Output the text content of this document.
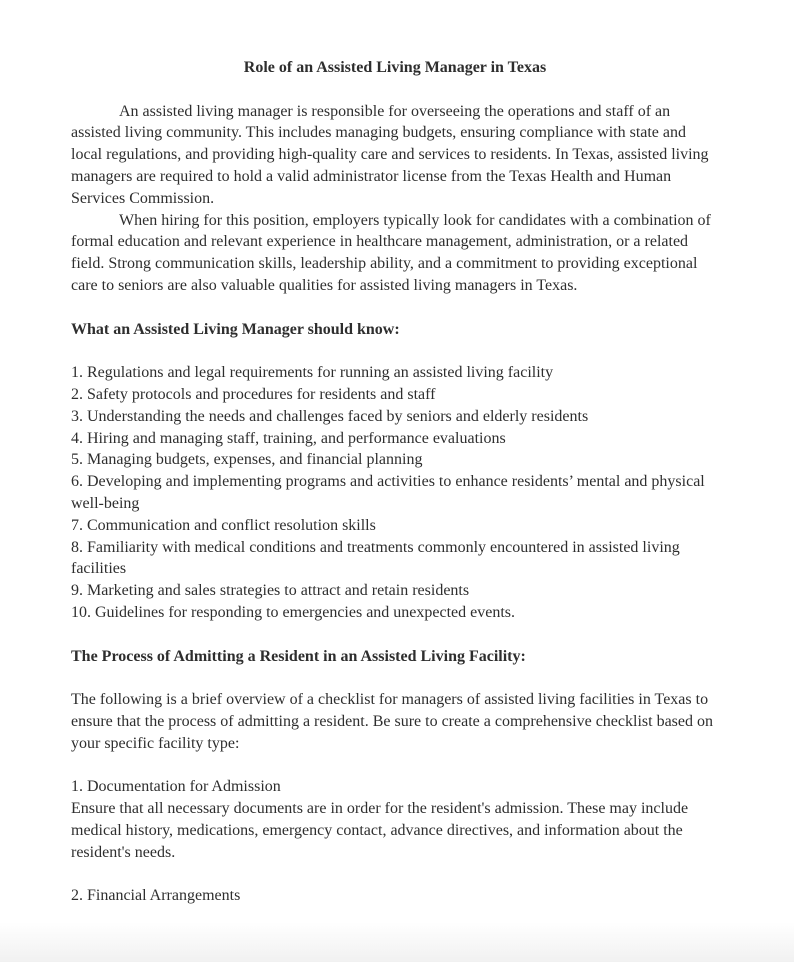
Role of an Assisted Living Manager in Texas

An assisted living manager is responsible for overseeing the operations and staff of an assisted living community. This includes managing budgets, ensuring compliance with state and local regulations, and providing high-quality care and services to residents. In Texas, assisted living managers are required to hold a valid administrator license from the Texas Health and Human Services Commission.

When hiring for this position, employers typically look for candidates with a combination of formal education and relevant experience in healthcare management, administration, or a related field. Strong communication skills, leadership ability, and a commitment to providing exceptional care to seniors are also valuable qualities for assisted living managers in Texas.

What an Assisted Living Manager should know:
1. Regulations and legal requirements for running an assisted living facility
2. Safety protocols and procedures for residents and staff
3. Understanding the needs and challenges faced by seniors and elderly residents
4. Hiring and managing staff, training, and performance evaluations
5. Managing budgets, expenses, and financial planning
6. Developing and implementing programs and activities to enhance residents’ mental and physical well-being
7. Communication and conflict resolution skills
8. Familiarity with medical conditions and treatments commonly encountered in assisted living facilities
9. Marketing and sales strategies to attract and retain residents
10. Guidelines for responding to emergencies and unexpected events.
The Process of Admitting a Resident in an Assisted Living Facility:

The following is a brief overview of a checklist for managers of assisted living facilities in Texas to ensure that the process of admitting a resident. Be sure to create a comprehensive checklist based on your specific facility type:

1. Documentation for Admission

Ensure that all necessary documents are in order for the resident's admission. These may include medical history, medications, emergency contact, advance directives, and information about the resident's needs.

2. Financial Arrangements
